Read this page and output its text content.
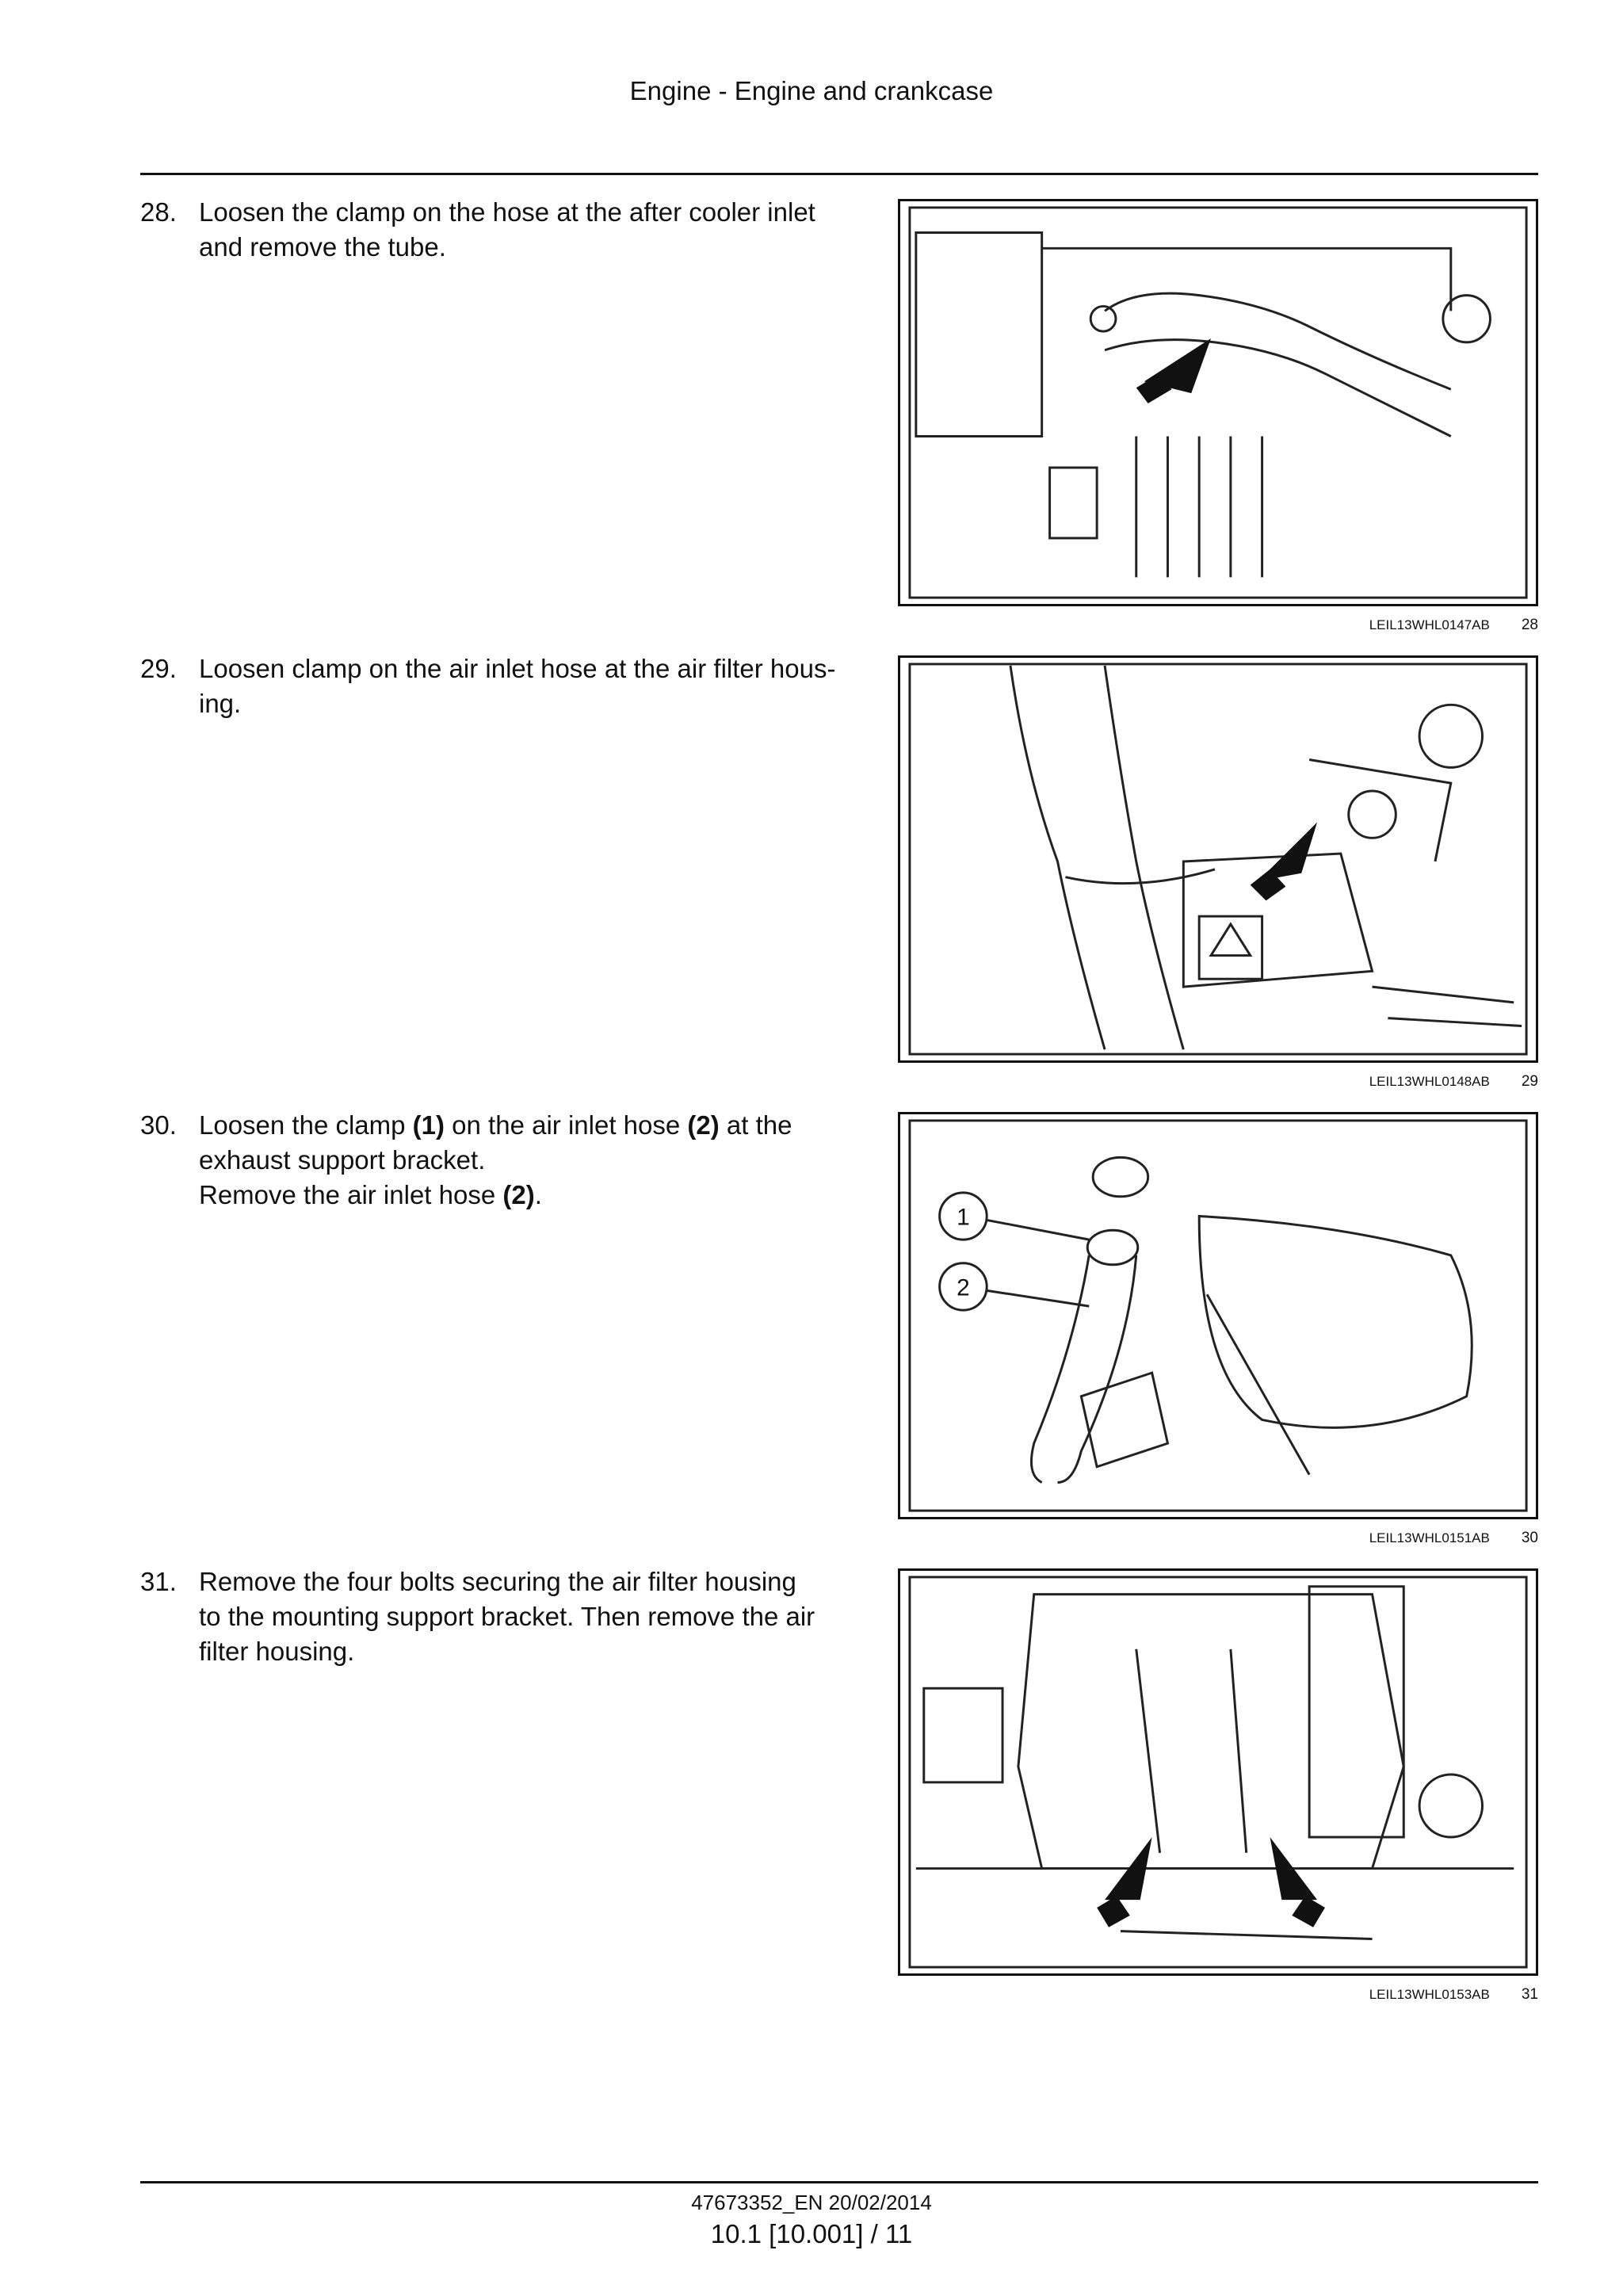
Engine - Engine and crankcase
28. Loosen the clamp on the hose at the after cooler inlet
and remove the tube.
LEIL13WHL0147AB 28
29. Loosen clamp on the air inlet hose at the air filter hous-
ing.
LEIL13WHL0148AB 29
30. Loosen the clamp (1) on the air inlet hose (2) at the
exhaust support bracket.
Remove the air inlet hose (2).
1
2
LEIL13WHL0151AB 30
31. Remove the four bolts securing the air filter housing
to the mounting support bracket. Then remove the air
filter housing.
LEIL13WHL0153AB 31
47673352_EN 20/02/2014
10.1 [10.001] / 11
